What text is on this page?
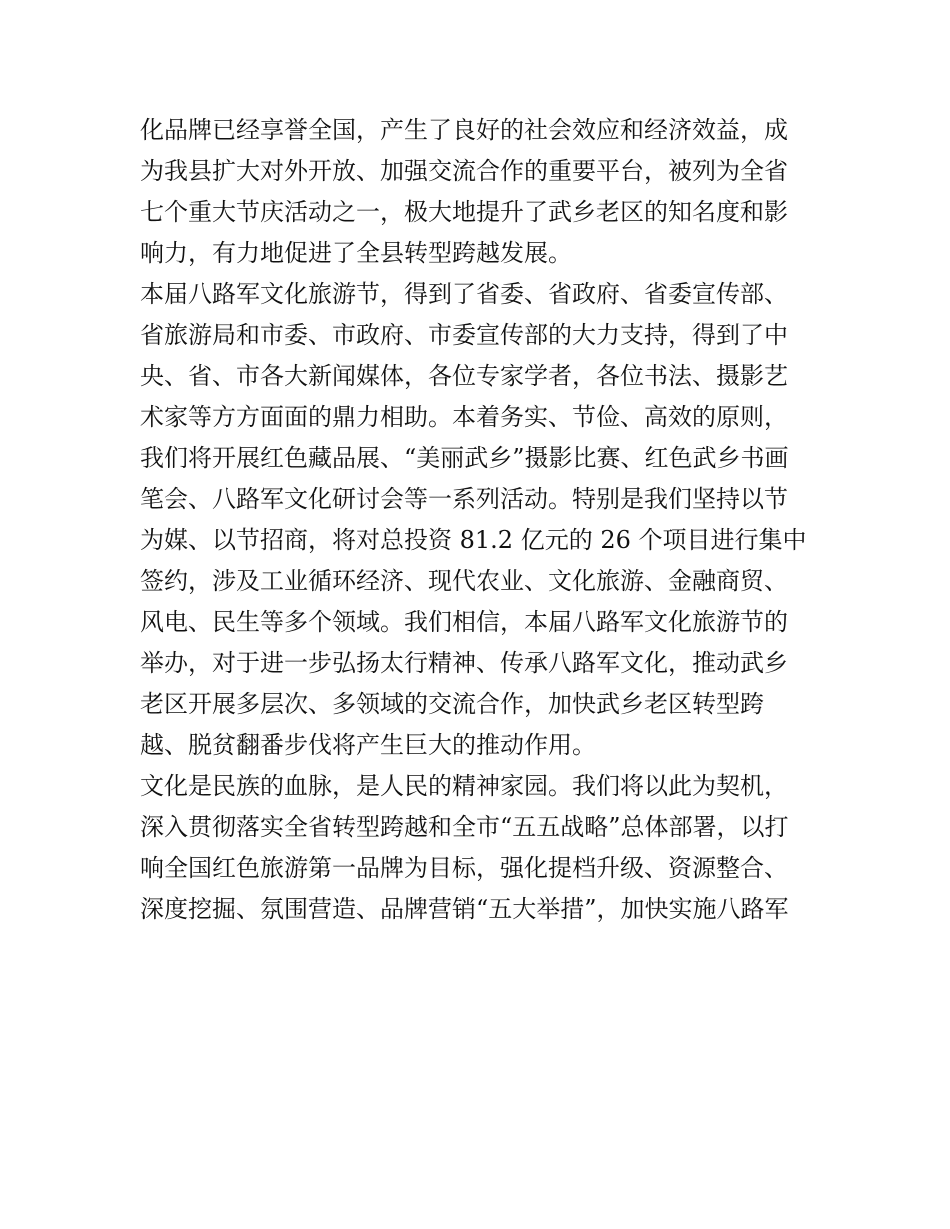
化品牌已经享誉全国，产生了良好的社会效应和经济效益，成
为我县扩大对外开放、加强交流合作的重要平台，被列为全省
七个重大节庆活动之一，极大地提升了武乡老区的知名度和影
响力，有力地促进了全县转型跨越发展。
本届八路军文化旅游节，得到了省委、省政府、省委宣传部、
省旅游局和市委、市政府、市委宣传部的大力支持，得到了中
央、省、市各大新闻媒体，各位专家学者，各位书法、摄影艺
术家等方方面面的鼎力相助。本着务实、节俭、高效的原则，
我们将开展红色藏品展、“美丽武乡”摄影比赛、红色武乡书画
笔会、八路军文化研讨会等一系列活动。特别是我们坚持以节
为媒、以节招商，将对总投资 81.2 亿元的 26 个项目进行集中
签约，涉及工业循环经济、现代农业、文化旅游、金融商贸、
风电、民生等多个领域。我们相信，本届八路军文化旅游节的
举办，对于进一步弘扬太行精神、传承八路军文化，推动武乡
老区开展多层次、多领域的交流合作，加快武乡老区转型跨
越、脱贫翻番步伐将产生巨大的推动作用。
文化是民族的血脉，是人民的精神家园。我们将以此为契机，
深入贯彻落实全省转型跨越和全市“五五战略”总体部署，以打
响全国红色旅游第一品牌为目标，强化提档升级、资源整合、
深度挖掘、氛围营造、品牌营销“五大举措”，加快实施八路军
